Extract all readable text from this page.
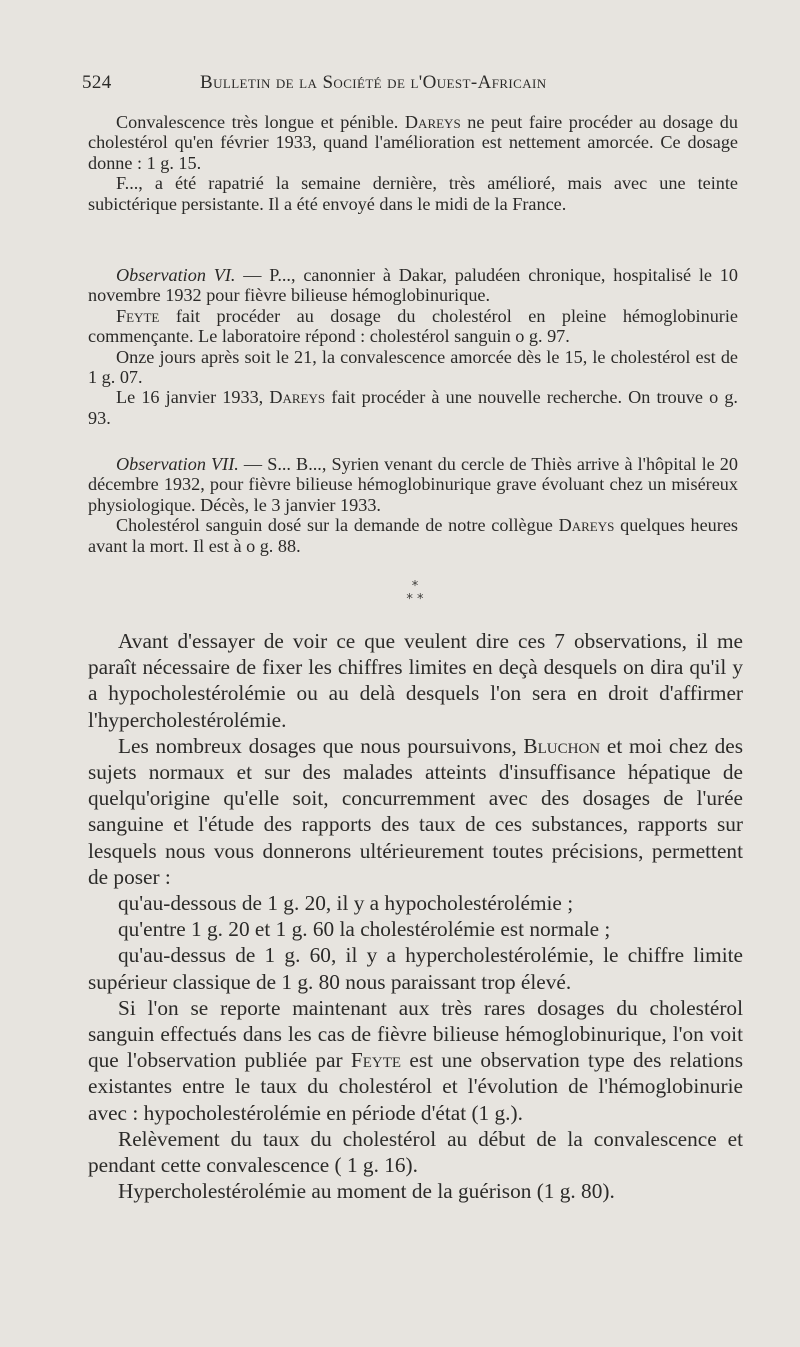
524	Bulletin de la Société de l'Ouest-Africain

Convalescence très longue et pénible. Dareys ne peut faire procéder au dosage du cholestérol qu'en février 1933, quand l'amélioration est nettement amorcée. Ce dosage donne : 1 g. 15.

F..., a été rapatrié la semaine dernière, très amélioré, mais avec une teinte subictérique persistante. Il a été envoyé dans le midi de la France.

Observation VI. — P..., canonnier à Dakar, paludéen chronique, hospitalisé le 10 novembre 1932 pour fièvre bilieuse hémoglobinurique.

Feyte fait procéder au dosage du cholestérol en pleine hémoglobinurie commençante. Le laboratoire répond : cholestérol sanguin o g. 97.

Onze jours après soit le 21, la convalescence amorcée dès le 15, le cholestérol est de 1 g. 07.

Le 16 janvier 1933, Dareys fait procéder à une nouvelle recherche. On trouve o g. 93.

Observation VII. — S... B..., Syrien venant du cercle de Thiès arrive à l'hôpital le 20 décembre 1932, pour fièvre bilieuse hémoglobinurique grave évoluant chez un miséreux physiologique. Décès, le 3 janvier 1933.

Cholestérol sanguin dosé sur la demande de notre collègue Dareys quelques heures avant la mort. Il est à o g. 88.

*
* *

Avant d'essayer de voir ce que veulent dire ces 7 observations, il me paraît nécessaire de fixer les chiffres limites en deçà desquels on dira qu'il y a hypocholestérolémie ou au delà desquels l'on sera en droit d'affirmer l'hypercholestérolémie.

Les nombreux dosages que nous poursuivons, Bluchon et moi chez des sujets normaux et sur des malades atteints d'insuffisance hépatique de quelqu'origine qu'elle soit, concurremment avec des dosages de l'urée sanguine et l'étude des rapports des taux de ces substances, rapports sur lesquels nous vous donnerons ultérieurement toutes précisions, permettent de poser :

qu'au-dessous de 1 g. 20, il y a hypocholestérolémie ;

qu'entre 1 g. 20 et 1 g. 60 la cholestérolémie est normale ;

qu'au-dessus de 1 g. 60, il y a hypercholestérolémie, le chiffre limite supérieur classique de 1 g. 80 nous paraissant trop élevé.

Si l'on se reporte maintenant aux très rares dosages du cholestérol sanguin effectués dans les cas de fièvre bilieuse hémoglobinurique, l'on voit que l'observation publiée par Feyte est une observation type des relations existantes entre le taux du cholestérol et l'évolution de l'hémoglobinurie avec : hypocholestérolémie en période d'état (1 g.).

Relèvement du taux du cholestérol au début de la convalescence et pendant cette convalescence ( 1 g. 16).

Hypercholestérolémie au moment de la guérison (1 g. 80).
